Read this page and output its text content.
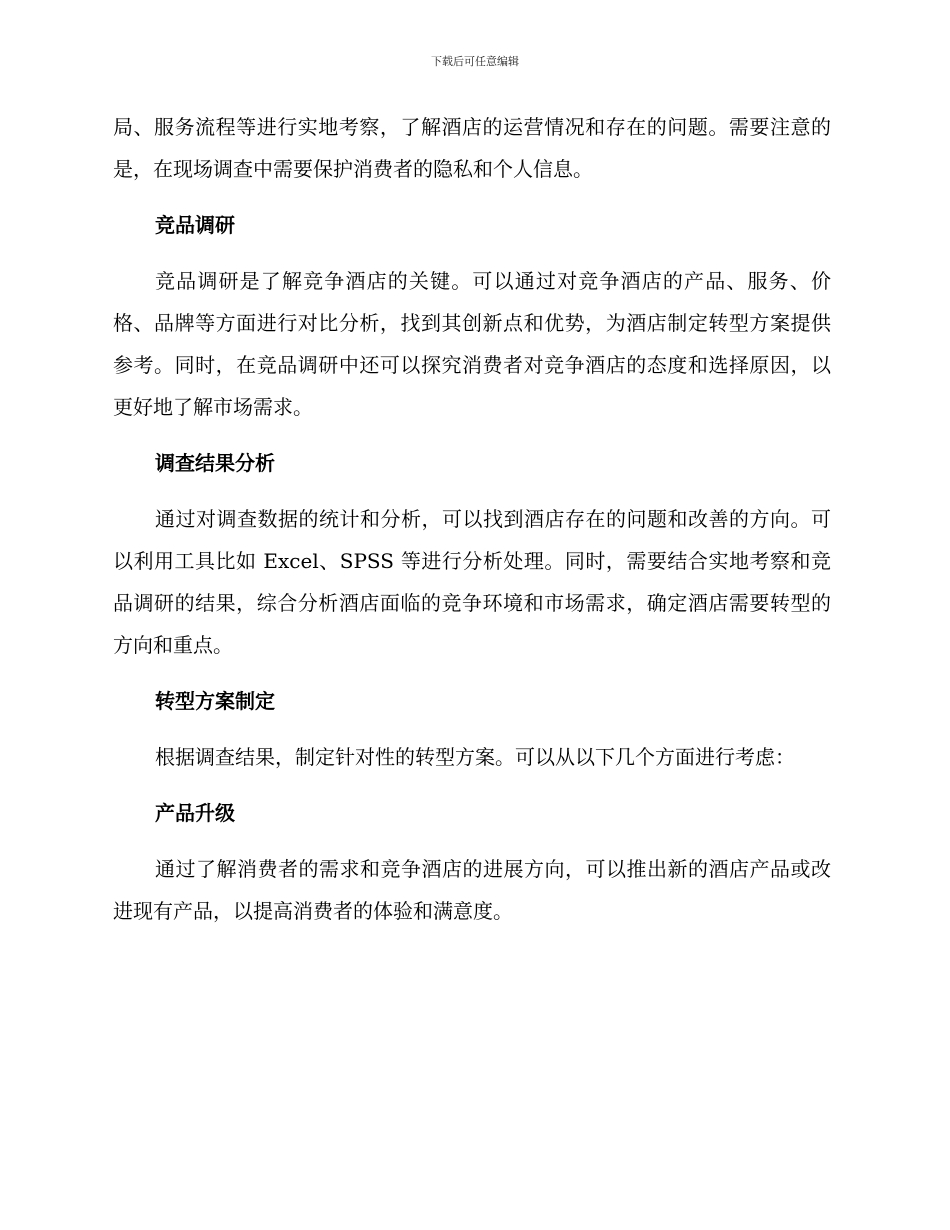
下载后可任意编辑

局、服务流程等进行实地考察，了解酒店的运营情况和存在的问题。需要注意的是，在现场调查中需要保护消费者的隐私和个人信息。

竞品调研

竞品调研是了解竞争酒店的关键。可以通过对竞争酒店的产品、服务、价格、品牌等方面进行对比分析，找到其创新点和优势，为酒店制定转型方案提供参考。同时，在竞品调研中还可以探究消费者对竞争酒店的态度和选择原因，以更好地了解市场需求。

调查结果分析

通过对调查数据的统计和分析，可以找到酒店存在的问题和改善的方向。可以利用工具比如 Excel、SPSS 等进行分析处理。同时，需要结合实地考察和竞品调研的结果，综合分析酒店面临的竞争环境和市场需求，确定酒店需要转型的方向和重点。

转型方案制定

根据调查结果，制定针对性的转型方案。可以从以下几个方面进行考虑：

产品升级

通过了解消费者的需求和竞争酒店的进展方向，可以推出新的酒店产品或改进现有产品，以提高消费者的体验和满意度。
